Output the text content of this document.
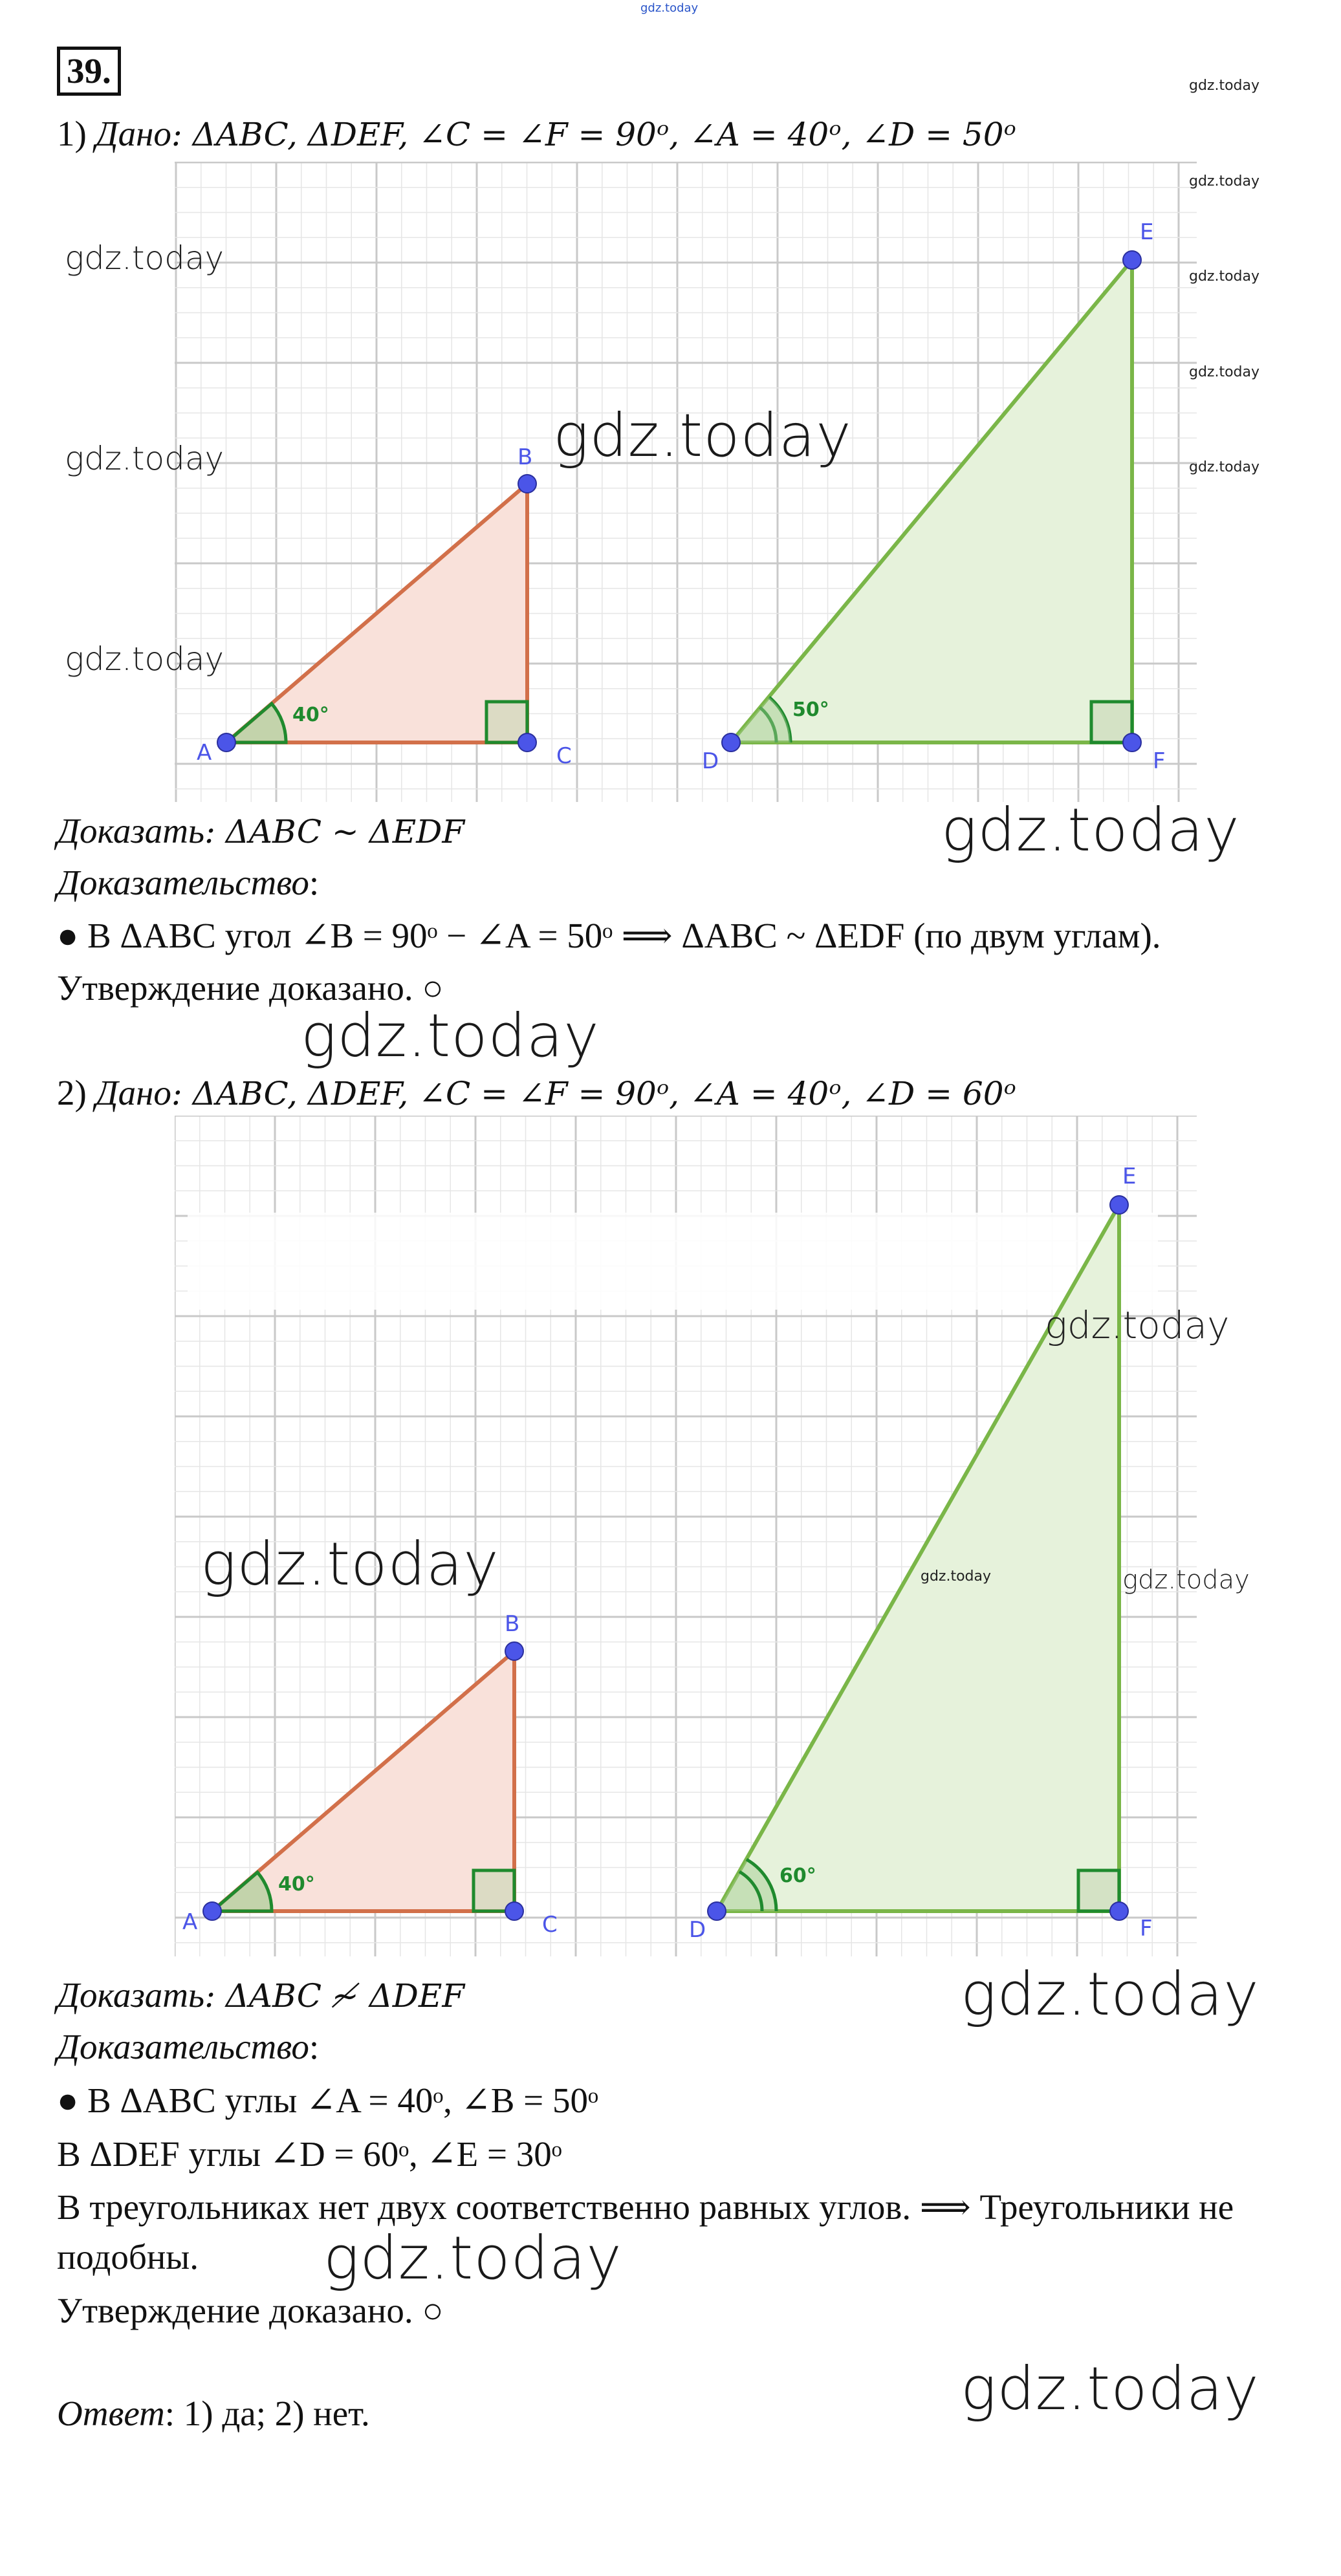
gdz.today
39.	gdz.today
1) Дано: ΔABC, ΔDEF, ∠C = ∠F = 90ᵒ, ∠A = 40ᵒ, ∠D = 50ᵒ
40°	50°
A
B
C	D
E
F
gdz.today
gdz.today
gdz.today
gdz.today
gdz.today
gdz.today
gdz.today
gdz.today
Доказать: ΔABC ~ ΔEDF	gdz.today
Доказательство:
● В ΔABC угол ∠B = 90ᵒ − ∠A = 50ᵒ ⟹ ΔABC ~ ΔEDF (по двум углам).
Утверждение доказано. ○
gdz.today
2) Дано: ΔABC, ΔDEF, ∠C = ∠F = 90ᵒ, ∠A = 40ᵒ, ∠D = 60ᵒ
40°	60°
A
B
C	D
E
F
gdz.today
gdz.today	gdz.today	gdz.today
Доказать: ΔABC ≁ ΔDEF	gdz.today
Доказательство:
● В ΔABC углы ∠A = 40ᵒ, ∠B = 50ᵒ
В ΔDEF углы ∠D = 60ᵒ, ∠E = 30ᵒ
В треугольниках нет двух соответственно равных углов. ⟹ Треугольники не
подобны. gdz.today
Утверждение доказано. ○
Ответ: 1) да; 2) нет.	gdz.today
